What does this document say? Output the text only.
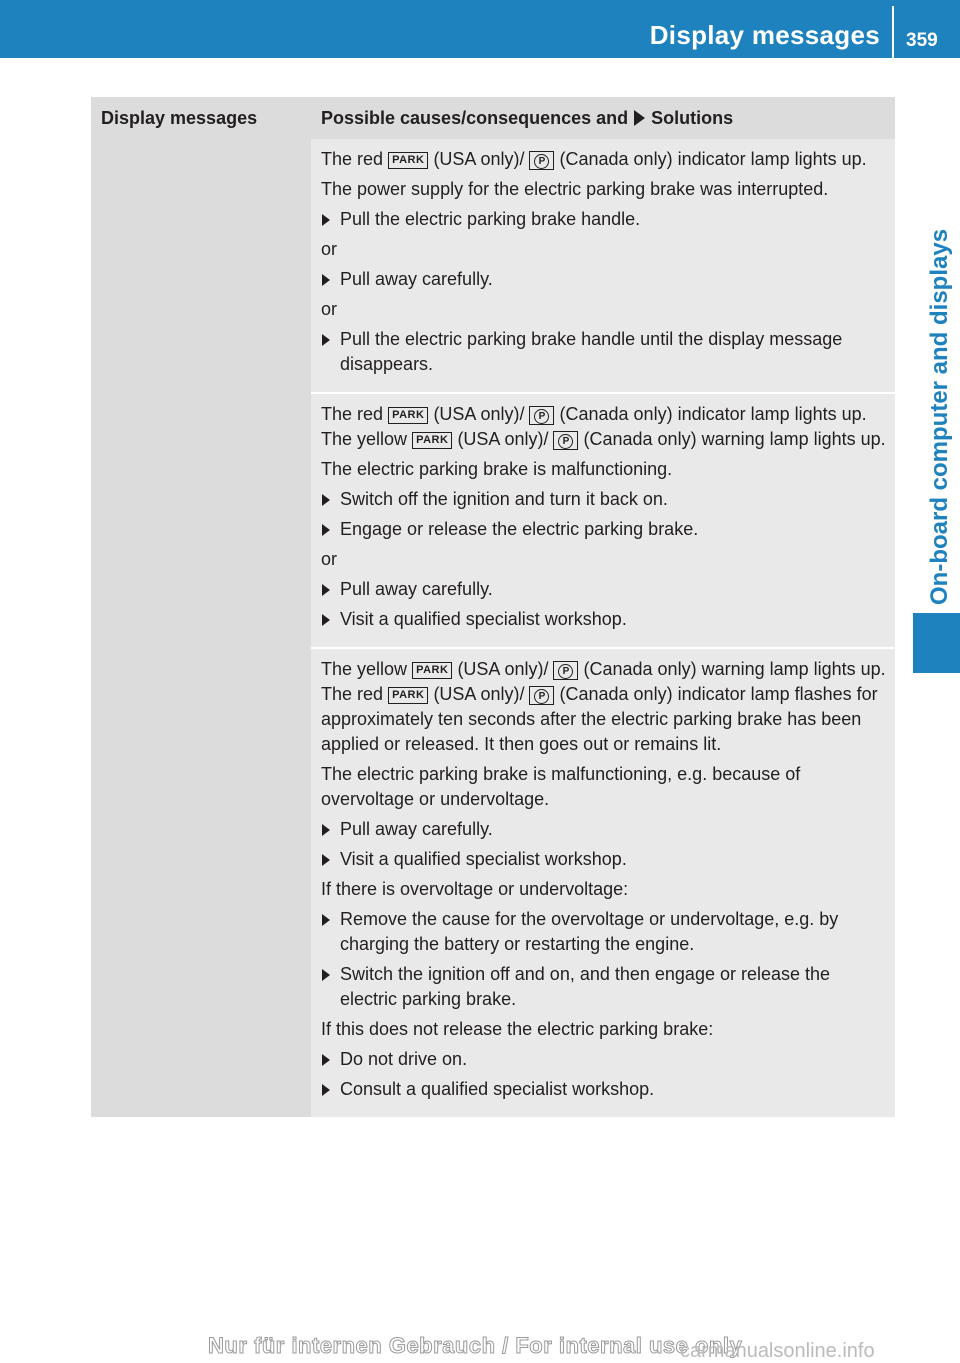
Display messages 359
On-board computer and displays
Display messages	Possible causes/consequences and Solutions

The red PARK (USA only)/ P (Canada only) indicator lamp lights up.

The power supply for the electric parking brake was interrupted.

Pull the electric parking brake handle.
or
Pull away carefully.
or
Pull the electric parking brake handle until the display message disappears.

The red PARK (USA only)/ P (Canada only) indicator lamp lights up. The yellow PARK (USA only)/ P (Canada only) warning lamp lights up.

The electric parking brake is malfunctioning.

Switch off the ignition and turn it back on.
Engage or release the electric parking brake.
or
Pull away carefully.
Visit a qualified specialist workshop.

The yellow PARK (USA only)/ P (Canada only) warning lamp lights up. The red PARK (USA only)/ P (Canada only) indicator lamp flashes for approximately ten seconds after the electric parking brake has been applied or released. It then goes out or remains lit.

The electric parking brake is malfunctioning, e.g. because of overvoltage or undervoltage.

Pull away carefully.
Visit a qualified specialist workshop.

If there is overvoltage or undervoltage:

Remove the cause for the overvoltage or undervoltage, e.g. by charging the battery or restarting the engine.
Switch the ignition off and on, and then engage or release the electric parking brake.

If this does not release the electric parking brake:

Do not drive on.
Consult a qualified specialist workshop.
Nur für internen Gebrauch / For internal use only
carmanualsonline.info
